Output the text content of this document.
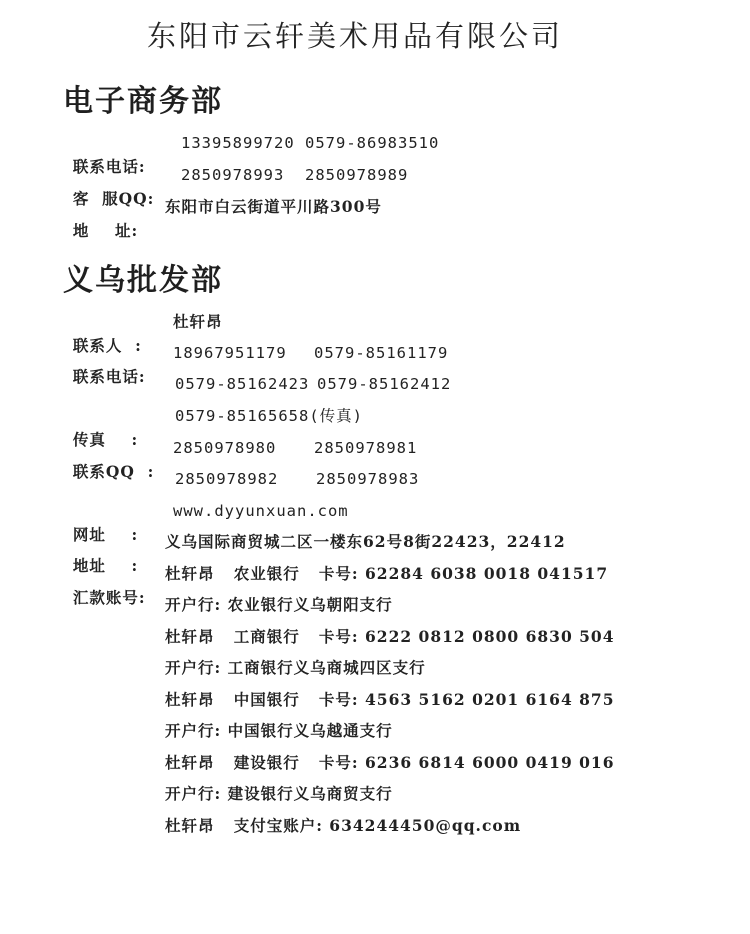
东阳市云轩美术用品有限公司
电子商务部

联系电话:

13395899720

0579-86983510

客  服QQ:

2850978993

2850978989

地    址:

东阳市白云街道平川路300号

义乌批发部

联系人  :

杜轩昂

联系电话:

18967951179

0579-85161179

0579-85162423

0579-85162412

传真    :

0579-85165658(传真)

联系QQ  :

2850978980

2850978981

2850978982

2850978983

网址    :

www.dyyunxuan.com

地址    :

义乌国际商贸城二区一楼东62号8街22423，22412

汇款账号:

杜轩昂   农业银行   卡号: 62284 6038 0018 041517

开户行: 农业银行义乌朝阳支行

杜轩昂   工商银行   卡号: 6222 0812 0800 6830 504

开户行: 工商银行义乌商城四区支行

杜轩昂   中国银行   卡号: 4563 5162 0201 6164 875

开户行: 中国银行义乌越通支行

杜轩昂   建设银行   卡号: 6236 6814 6000 0419 016

开户行: 建设银行义乌商贸支行

杜轩昂   支付宝账户: 634244450@qq.com
